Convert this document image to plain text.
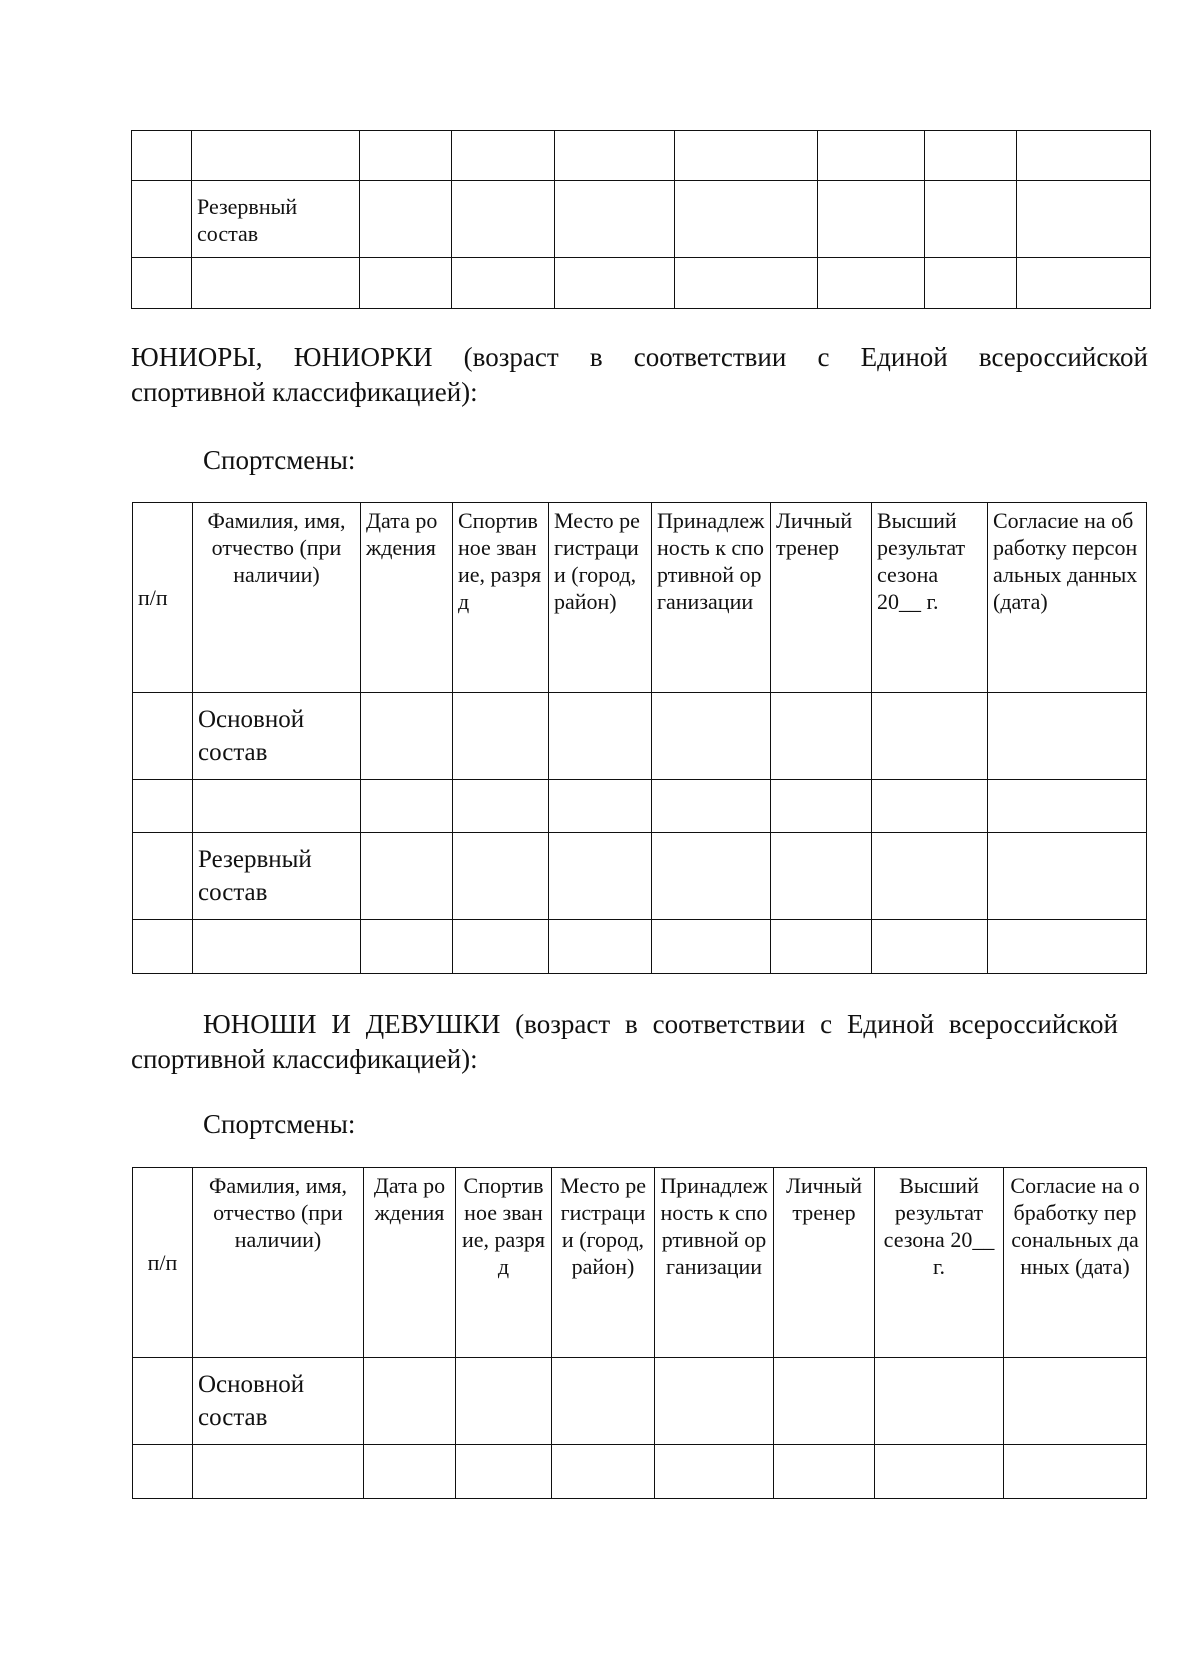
	Резервный состав							

ЮНИОРЫ, ЮНИОРКИ (возраст в соответствии с Единой всероссийской
спортивной классификацией):
Спортсмены:
п/п	Фамилия, имя, отчество (при наличии)	Дата рождения	Спортивное звание, разряд	Место регистрации (город, район)	Принадлежность к спортивной организации	Личный тренер	Высший результат сезона 20__ г.	Согласие на обработку персональных данных (дата)
	Основной состав							

	Резервный состав							

ЮНОШИ И ДЕВУШКИ (возраст в соответствии с Единой всероссийской
спортивной классификацией):
Спортсмены:
п/п	Фамилия, имя, отчество (при наличии)	Дата рождения	Спортивное звание, разряд	Место регистрации (город, район)	Принадлежность к спортивной организации	Личный тренер	Высший результат сезона 20__ г.	Согласие на обработку персональных данных (дата)
	Основной состав							
